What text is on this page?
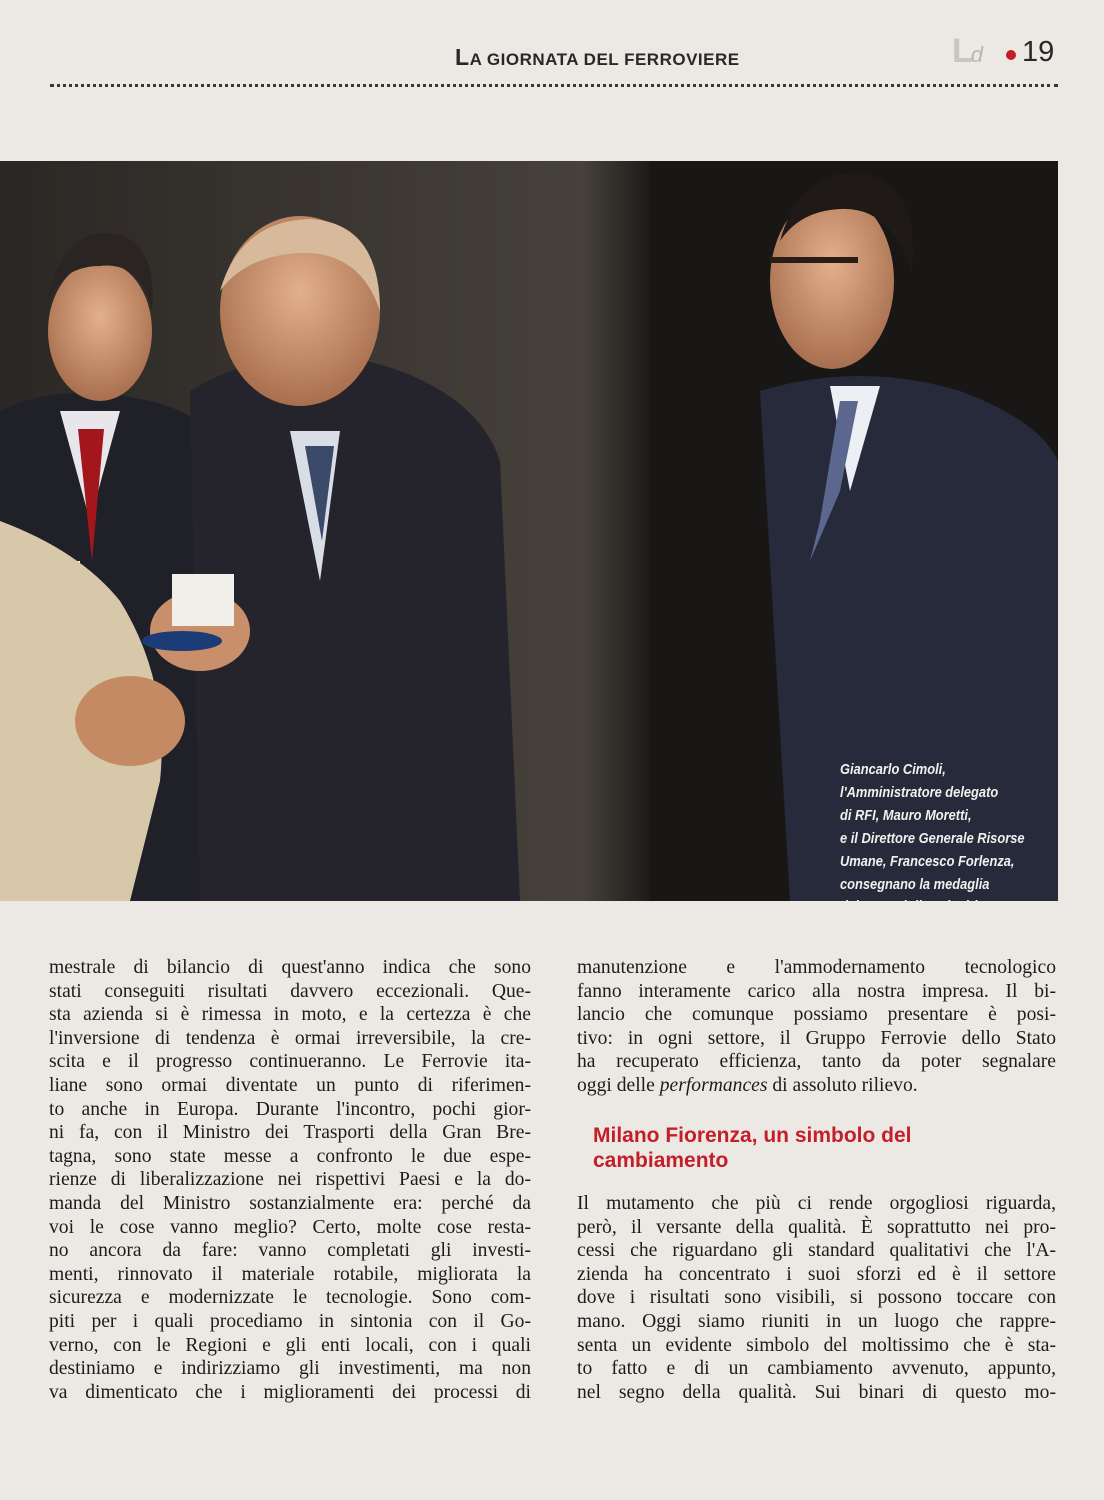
LA GIORNATA DEL FERROVIERE	Ld 19
Giancarlo Cimoli,
l'Amministratore delegato
di RFI, Mauro Moretti,
e il Direttore Generale Risorse
Umane, Francesco Forlenza,
consegnano la medaglia
mestrale di bilancio di quest'anno indica che sono
stati conseguiti risultati davvero eccezionali. Que-
sta azienda si è rimessa in moto, e la certezza è che
l'inversione di tendenza è ormai irreversibile, la cre-
scita e il progresso continueranno. Le Ferrovie ita-
liane sono ormai diventate un punto di riferimen-
to anche in Europa. Durante l'incontro, pochi gior-
ni fa, con il Ministro dei Trasporti della Gran Bre-
tagna, sono state messe a confronto le due espe-
rienze di liberalizzazione nei rispettivi Paesi e la do-
manda del Ministro sostanzialmente era: perché da
voi le cose vanno meglio? Certo, molte cose resta-
no ancora da fare: vanno completati gli investi-
menti, rinnovato il materiale rotabile, migliorata la
sicurezza e modernizzate le tecnologie. Sono com-
piti per i quali procediamo in sintonia con il Go-
verno, con le Regioni e gli enti locali, con i quali
destiniamo e indirizziamo gli investimenti, ma non
va dimenticato che i miglioramenti dei processi di
manutenzione e l'ammodernamento tecnologico
fanno interamente carico alla nostra impresa. Il bi-
lancio che comunque possiamo presentare è posi-
tivo: in ogni settore, il Gruppo Ferrovie dello Stato
ha recuperato efficienza, tanto da poter segnalare
oggi delle performances di assoluto rilievo.
Milano Fiorenza, un simbolo del cambiamento
Il mutamento che più ci rende orgogliosi riguarda,
però, il versante della qualità. È soprattutto nei pro-
cessi che riguardano gli standard qualitativi che l'A-
zienda ha concentrato i suoi sforzi ed è il settore
dove i risultati sono visibili, si possono toccare con
mano. Oggi siamo riuniti in un luogo che rappre-
senta un evidente simbolo del moltissimo che è sta-
to fatto e di un cambiamento avvenuto, appunto,
nel segno della qualità. Sui binari di questo mo-
